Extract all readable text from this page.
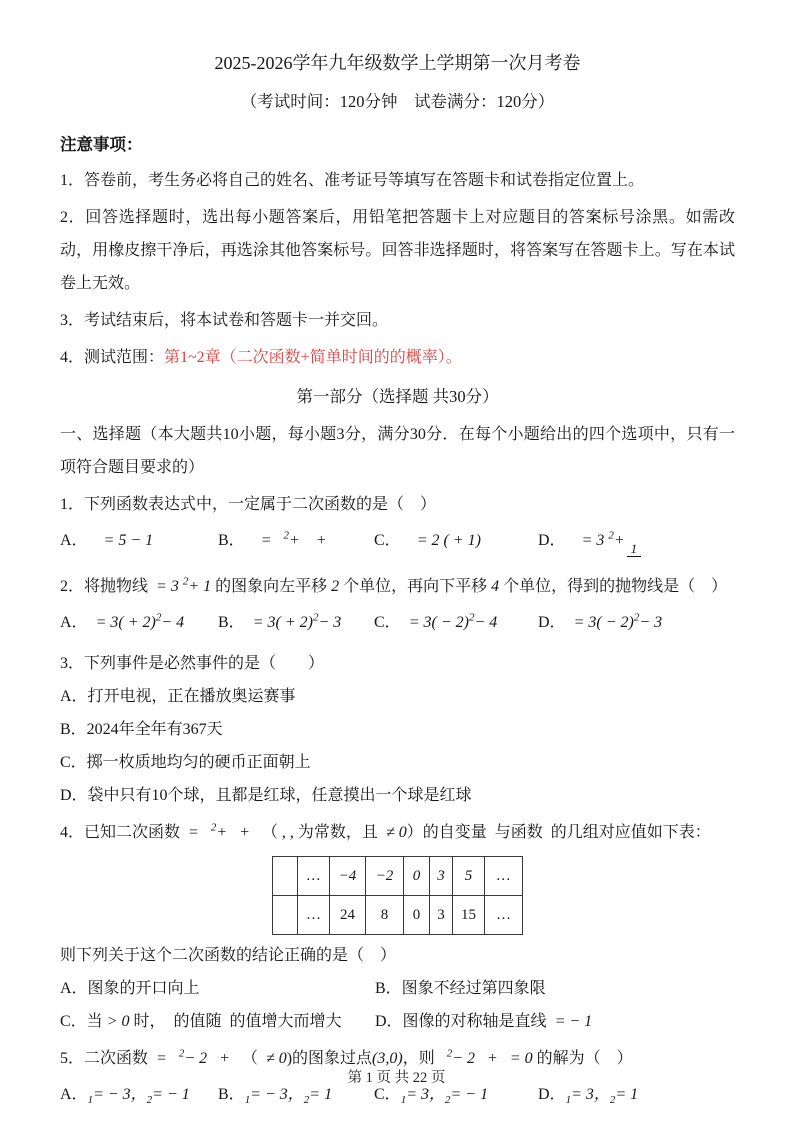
2025-2026学年九年级数学上学期第一次月考卷

（考试时间：120分钟　试卷满分：120分）

注意事项：

1．答卷前，考生务必将自己的姓名、准考证号等填写在答题卡和试卷指定位置上。

2．回答选择题时，选出每小题答案后，用铅笔把答题卡上对应题目的答案标号涂黑。如需改动，用橡皮擦干净后，再选涂其他答案标号。回答非选择题时，将答案写在答题卡上。写在本试卷上无效。

3．考试结束后，将本试卷和答题卡一并交回。

4．测试范围：第1~2章（二次函数+简单时间的的概率）。

第一部分（选择题 共30分）

一、选择题（本大题共10小题，每小题3分，满分30分．在每个小题给出的四个选项中，只有一项符合题目要求的）

1．下列函数表达式中，一定属于二次函数的是（　）

A． = 5 − 1	B． =  $^2$+   +	C． = 2 ( + 1)	D． = 3 $^2$+ 1

2．将抛物线 = 3 $^2$+ 1 的图象向左平移 2 个单位，再向下平移 4 个单位，得到的抛物线是（　）

A． = $3( + 2)^2- 4$	B． = $3( + 2)^2- 3$	C． = $3( - 2)^2- 4$	D． = $3( - 2)^2- 3$

3．下列事件是必然事件的是（　　）

A．打开电视，正在播放奥运赛事

B．2024年全年有367天

C．掷一枚质地均匀的硬币正面朝上

D．袋中只有10个球，且都是红球，任意摸出一个球是红球

4．已知二次函数 =  $^2$+  +  （ , , 为常数，且 ≠ 0）的自变量 与函数 的几组对应值如下表：

	…	−4	−2	0	3	5	…
	…	24	8	0	3	15	…

则下列关于这个二次函数的结论正确的是（　）

A．图象的开口向上	B．图象不经过第四象限
C．当 > 0 时， 的值随 的值增大而增大	D．图像的对称轴是直线 = − 1

5．二次函数 =  $^2$− 2  +  （ ≠ 0)的图象过点(3,0)，则  $^2$− 2  +  = 0 的解为（　）

A．$_1$= − 3，$_2$= − 1	B．$_1$= − 3，$_2$= 1	C．$_1$= 3，$_2$= − 1	D．$_1$= 3，$_2$= 1
第 1 页 共 22 页
